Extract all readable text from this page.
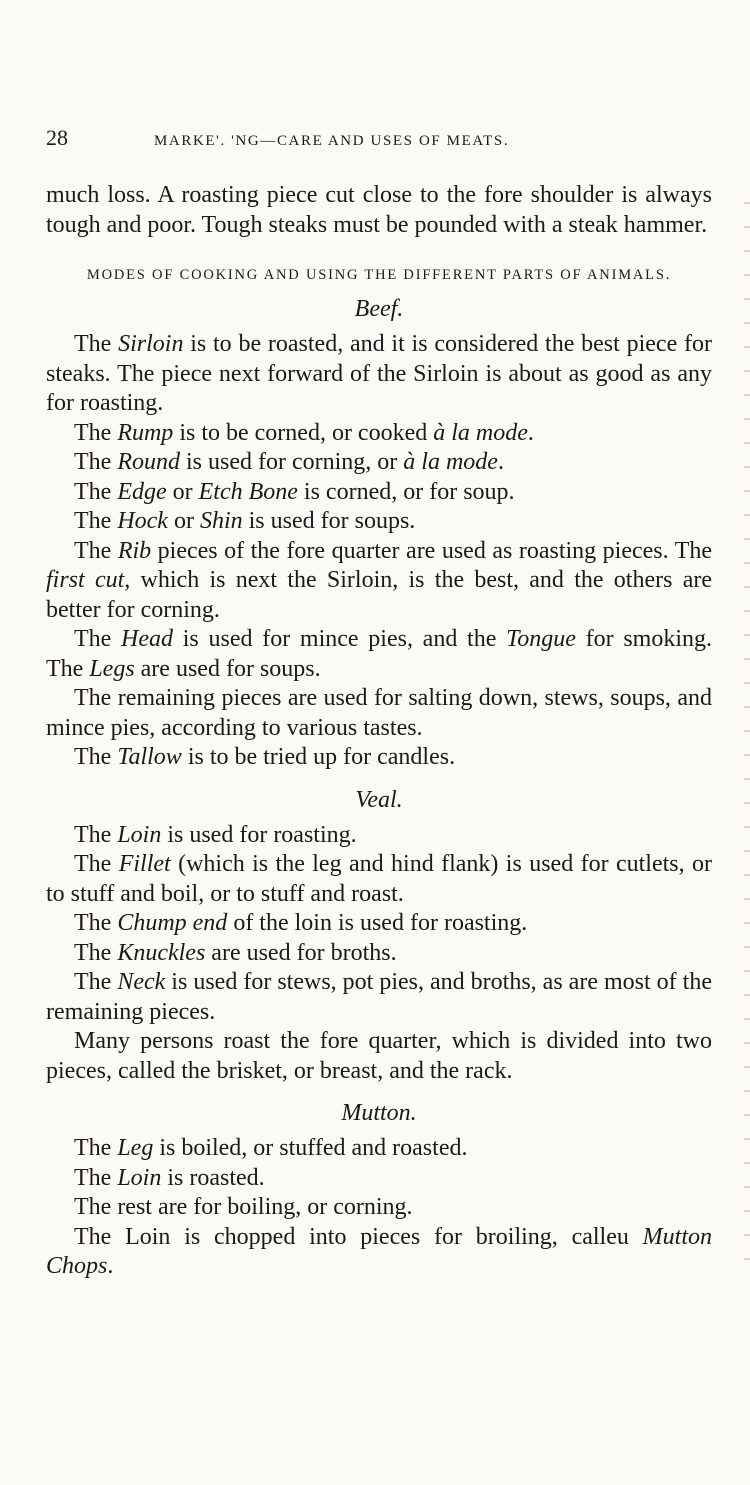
28	MARKE'. 'NG—CARE AND USES OF MEATS.

much loss. A roasting piece cut close to the fore shoulder is always tough and poor. Tough steaks must be pounded with a steak hammer.

MODES OF COOKING AND USING THE DIFFERENT PARTS OF ANIMALS.
Beef.

The Sirloin is to be roasted, and it is considered the best piece for steaks. The piece next forward of the Sirloin is about as good as any for roasting.

The Rump is to be corned, or cooked à la mode.

The Round is used for corning, or à la mode.

The Edge or Etch Bone is corned, or for soup.

The Hock or Shin is used for soups.

The Rib pieces of the fore quarter are used as roasting pieces. The first cut, which is next the Sirloin, is the best, and the others are better for corning.

The Head is used for mince pies, and the Tongue for smoking. The Legs are used for soups.

The remaining pieces are used for salting down, stews, soups, and mince pies, according to various tastes.

The Tallow is to be tried up for candles.

Veal.

The Loin is used for roasting.

The Fillet (which is the leg and hind flank) is used for cutlets, or to stuff and boil, or to stuff and roast.

The Chump end of the loin is used for roasting.

The Knuckles are used for broths.

The Neck is used for stews, pot pies, and broths, as are most of the remaining pieces.

Many persons roast the fore quarter, which is divided into two pieces, called the brisket, or breast, and the rack.

Mutton.

The Leg is boiled, or stuffed and roasted.

The Loin is roasted.

The rest are for boiling, or corning.

The Loin is chopped into pieces for broiling, calleu Mutton Chops.
